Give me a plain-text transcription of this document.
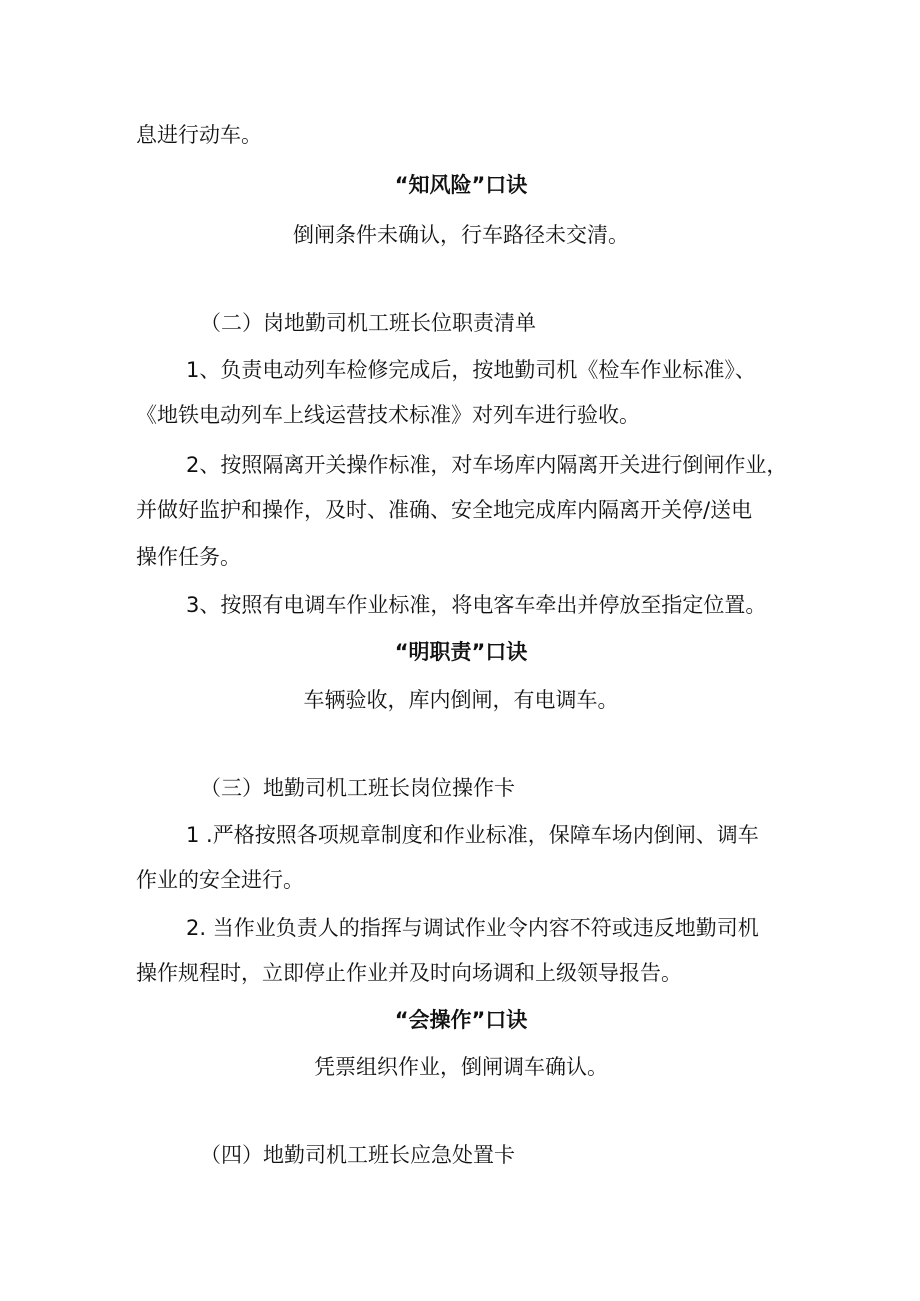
息进行动车。
“知风险”口诀
倒闸条件未确认，行车路径未交清。
（二）岗地勤司机工班长位职责清单
1、负责电动列车检修完成后，按地勤司机《检车作业标准》、
《地铁电动列车上线运营技术标准》对列车进行验收。
2、按照隔离开关操作标准，对车场库内隔离开关进行倒闸作业，
并做好监护和操作，及时、准确、安全地完成库内隔离开关停/送电
操作任务。
3、按照有电调车作业标准，将电客车牵出并停放至指定位置。
“明职责”口诀
车辆验收，库内倒闸，有电调车。
（三）地勤司机工班长岗位操作卡
1 .严格按照各项规章制度和作业标准，保障车场内倒闸、调车
作业的安全进行。
2. 当作业负责人的指挥与调试作业令内容不符或违反地勤司机
操作规程时，立即停止作业并及时向场调和上级领导报告。
“会操作”口诀
凭票组织作业，倒闸调车确认。
（四）地勤司机工班长应急处置卡
